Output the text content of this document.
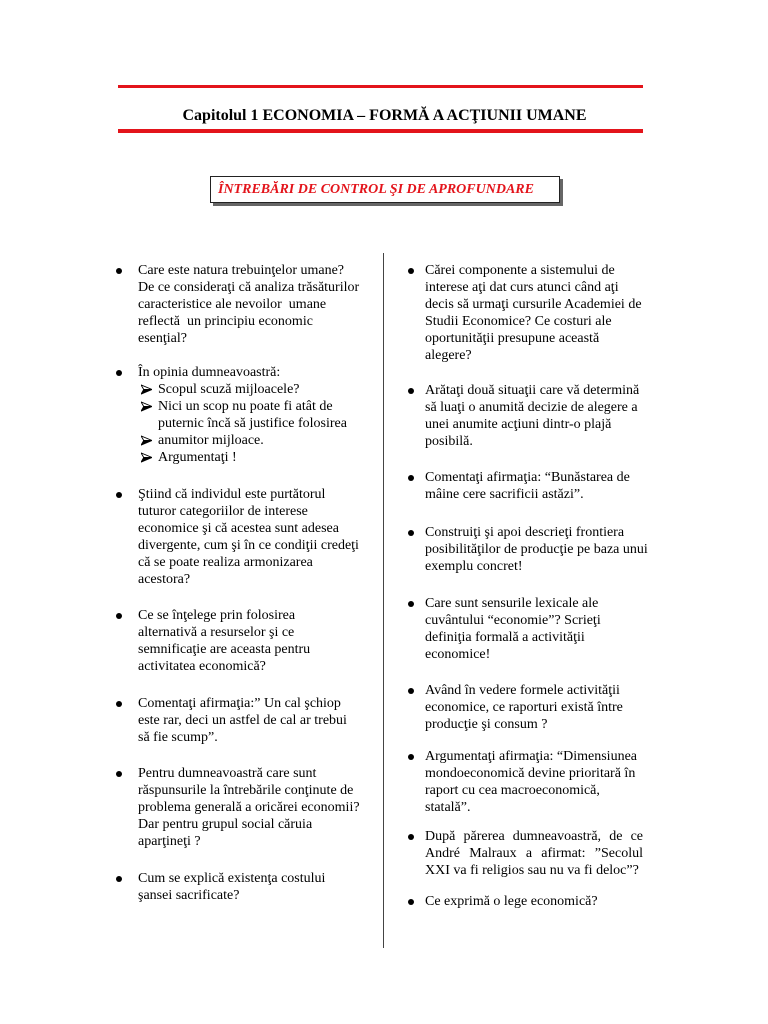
Capitolul 1 ECONOMIA – FORMĂ A ACŢIUNII UMANE
ÎNTREBĂRI DE CONTROL ŞI DE APROFUNDARE
Care este natura trebuinţelor umane?
De ce consideraţi că analiza trăsăturilor
caracteristice ale nevoilor  umane
reflectă  un principiu economic
esenţial?
În opinia dumneavoastră:
Scopul scuză mijloacele?
Nici un scop nu poate fi atât de
puternic încă să justifice folosirea
anumitor mijloace.
Argumentaţi !
Ştiind că individul este purtătorul
tuturor categoriilor de interese
economice şi că acestea sunt adesea
divergente, cum şi în ce condiţii credeţi
că se poate realiza armonizarea
acestora?
Ce se înţelege prin folosirea
alternativă a resurselor şi ce
semnificaţie are aceasta pentru
activitatea economică?
Comentaţi afirmaţia:” Un cal şchiop
este rar, deci un astfel de cal ar trebui
să fie scump”.
Pentru dumneavoastră care sunt
răspunsurile la întrebările conţinute de
problema generală a oricărei economii?
Dar pentru grupul social căruia
aparţineţi ?
Cum se explică existenţa costului
şansei sacrificate?
Cărei componente a sistemului de
interese aţi dat curs atunci când aţi
decis să urmaţi cursurile Academiei de
Studii Economice? Ce costuri ale
oportunităţii presupune această
alegere?
Arătaţi două situaţii care vă determină
să luaţi o anumită decizie de alegere a
unei anumite acţiuni dintr-o plajă
posibilă.
Comentaţi afirmaţia: “Bunăstarea de
mâine cere sacrificii astăzi”.
Construiţi şi apoi descrieţi frontiera
posibilităţilor de producţie pe baza unui
exemplu concret!
Care sunt sensurile lexicale ale
cuvântului “economie”? Scrieţi
definiţia formală a activităţii
economice!
Având în vedere formele activităţii
economice, ce raporturi există între
producţie şi consum ?
Argumentaţi afirmaţia: “Dimensiunea
mondoeconomică devine prioritară în
raport cu cea macroeconomică,
statală”.
După părerea dumneavoastră, de ce
André Malraux a afirmat: ”Secolul
XXI va fi religios sau nu va fi deloc”?
Ce exprimă o lege economică?
